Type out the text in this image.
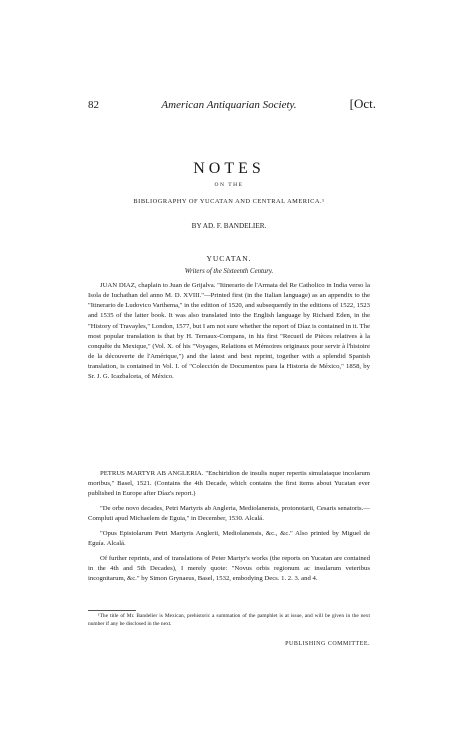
82	American Antiquarian Society.	[Oct.
NOTES
ON THE
BIBLIOGRAPHY OF YUCATAN AND CENTRAL AMERICA.¹
BY AD. F. BANDELIER.
YUCATAN.
Writers of the Sixteenth Century.

JUAN DIAZ, chaplain to Juan de Grijalva. "Itinerario de l'Armata del Re Catholico in India verso la Isola de Iuchathan del anno M. D. XVIII."—Printed first (in the Italian language) as an appendix to the "Itinerario de Ludovico Varthema," in the edition of 1520, and subsequently in the editions of 1522, 1523 and 1535 of the latter book. It was also translated into the English language by Richard Eden, in the "History of Travayles," London, 1577, but I am not sure whether the report of Díaz is contained in it. The most popular translation is that by H. Ternaux-Compans, in his first "Recueil de Pièces relatives à la conquête du Mexique," (Vol. X. of his "Voyages, Relations et Mémoires originaux pour servir à l'histoire de la découverte de l'Amérique,") and the latest and best reprint, together with a splendid Spanish translation, is contained in Vol. I. of "Colección de Documentos para la Historia de México," 1858, by Sr. J. G. Icazbalceta, of México.

PETRUS MARTYR AB ANGLERIA. "Enchiridion de insulis nuper repertis simulataque incolarum moribus," Basel, 1521. (Contains the 4th Decade, which contains the first items about Yucatan ever published in Europe after Díaz's report.)

"De orbe novo decades, Petri Martyris ab Angleria, Mediolanensis, protonotarii, Cesaris senatoris.—Compluti apud Michaelem de Eguia," in December, 1530. Alcalá.

"Opus Epistolarum Petri Martyris Anglerii, Mediolanensis, &c., &c." Also printed by Miguel de Eguía. Alcalá.

Of further reprints, and of translations of Peter Martyr's works (the reports on Yucatan are contained in the 4th and 5th Decades), I merely quote: "Novus orbis regionum ac insularum veteribus incognitarum, &c." by Simon Grynaeus, Basel, 1532, embodying Decs. 1. 2. 3. and 4.

¹The title of Mr. Bandelier is Mexican, prehistoric a summation of the pamphlet is at issue, and will be given in the next number if any be disclosed in the next.

PUBLISHING COMMITTEE.
